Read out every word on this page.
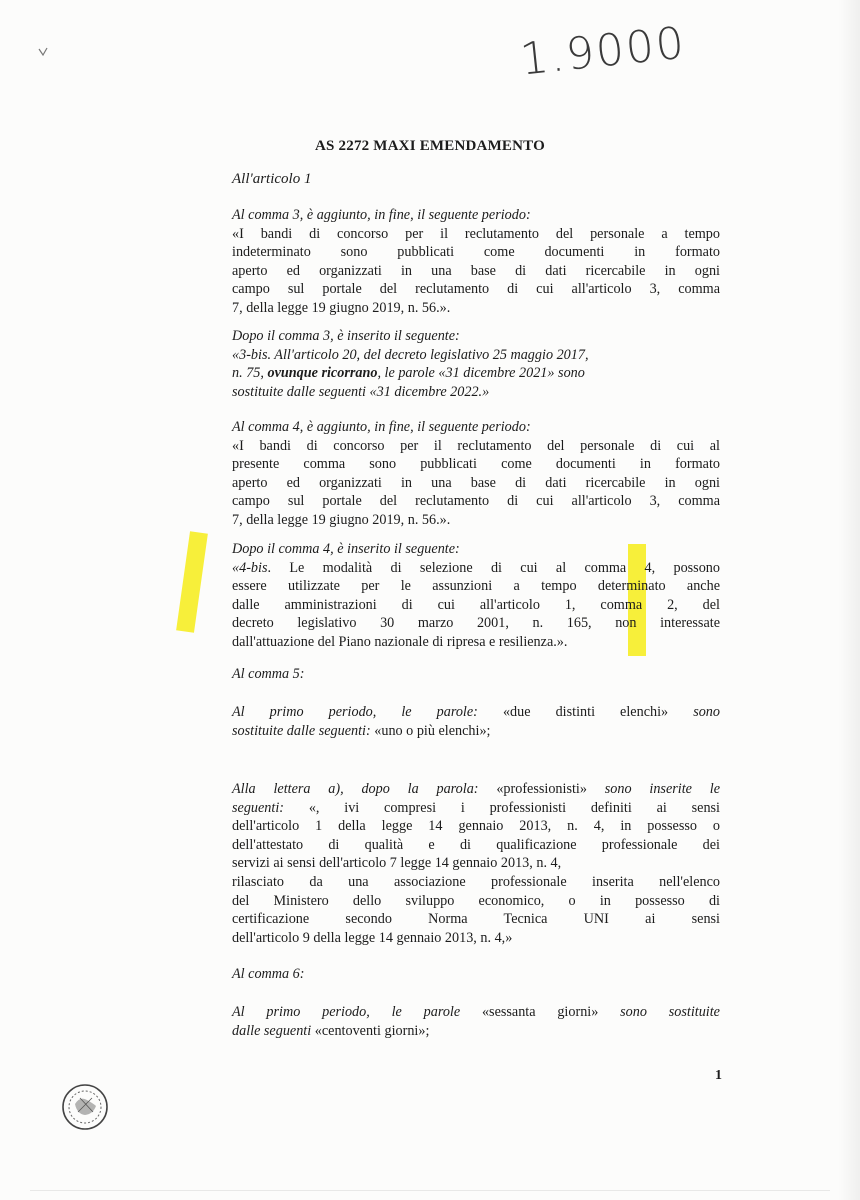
1.9000
AS 2272 MAXI EMENDAMENTO
All'articolo 1
Al comma 3, è aggiunto, in fine, il seguente periodo:
«I bandi di concorso per il reclutamento del personale a tempo
indeterminato sono pubblicati come documenti in formato
aperto ed organizzati in una base di dati ricercabile in ogni
campo sul portale del reclutamento di cui all'articolo 3, comma
7, della legge 19 giugno 2019, n. 56.».
Dopo il comma 3, è inserito il seguente:
«3-bis. All'articolo 20, del decreto legislativo 25 maggio 2017,
n. 75, ovunque ricorrano, le parole «31 dicembre 2021» sono
sostituite dalle seguenti «31 dicembre 2022.»
Al comma 4, è aggiunto, in fine, il seguente periodo:
«I bandi di concorso per il reclutamento del personale di cui al
presente comma sono pubblicati come documenti in formato
aperto ed organizzati in una base di dati ricercabile in ogni
campo sul portale del reclutamento di cui all'articolo 3, comma
7, della legge 19 giugno 2019, n. 56.».
Dopo il comma 4, è inserito il seguente:
«4-bis. Le modalità di selezione di cui al comma 4, possono
essere utilizzate per le assunzioni a tempo determinato anche
dalle amministrazioni di cui all'articolo 1, comma 2, del
decreto legislativo 30 marzo 2001, n. 165, non interessate
dall'attuazione del Piano nazionale di ripresa e resilienza.».
Al comma 5:
Al primo periodo, le parole: «due distinti elenchi» sono
sostituite dalle seguenti: «uno o più elenchi»;
Alla lettera a), dopo la parola: «professionisti» sono inserite le
seguenti: «, ivi compresi i professionisti definiti ai sensi
dell'articolo 1 della legge 14 gennaio 2013, n. 4, in possesso o
dell'attestato di qualità e di qualificazione professionale dei
servizi ai sensi dell'articolo 7 legge 14 gennaio 2013, n. 4,
rilasciato da una associazione professionale inserita nell'elenco
del Ministero dello sviluppo economico, o in possesso di
certificazione secondo Norma Tecnica UNI ai sensi
dell'articolo 9 della legge 14 gennaio 2013, n. 4,»
Al comma 6:
Al primo periodo, le parole «sessanta giorni» sono sostituite
dalle seguenti «centoventi giorni»;
1
